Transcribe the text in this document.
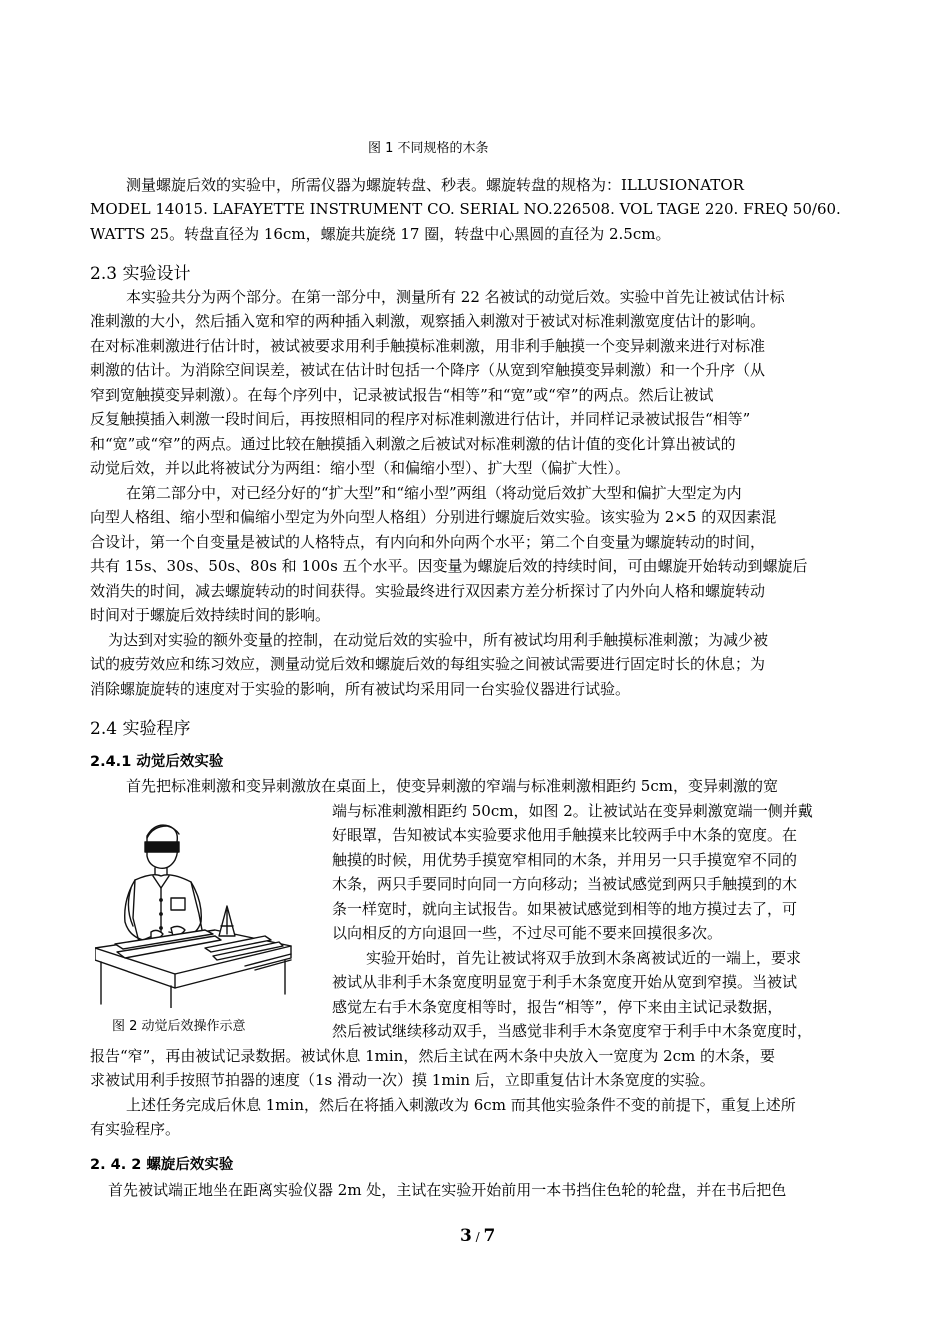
图 1 不同规格的木条
测量螺旋后效的实验中，所需仪器为螺旋转盘、秒表。螺旋转盘的规格为：ILLUSIONATOR
MODEL 14015. LAFAYETTE INSTRUMENT CO. SERIAL NO.226508. VOL TAGE 220. FREQ 50/60.
WATTS 25。转盘直径为 16cm，螺旋共旋绕 17 圈，转盘中心黑圆的直径为 2.5cm。
2.3 实验设计
本实验共分为两个部分。在第一部分中，测量所有 22 名被试的动觉后效。实验中首先让被试估计标
准刺激的大小，然后插入宽和窄的两种插入刺激，观察插入刺激对于被试对标准刺激宽度估计的影响。
在对标准刺激进行估计时，被试被要求用利手触摸标准刺激，用非利手触摸一个变异刺激来进行对标准
刺激的估计。为消除空间误差，被试在估计时包括一个降序（从宽到窄触摸变异刺激）和一个升序（从
窄到宽触摸变异刺激）。在每个序列中，记录被试报告“相等”和“宽”或“窄”的两点。然后让被试
反复触摸插入刺激一段时间后，再按照相同的程序对标准刺激进行估计，并同样记录被试报告“相等”
和“宽”或“窄”的两点。通过比较在触摸插入刺激之后被试对标准刺激的估计值的变化计算出被试的
动觉后效，并以此将被试分为两组：缩小型（和偏缩小型）、扩大型（偏扩大性）。
在第二部分中，对已经分好的“扩大型”和“缩小型”两组（将动觉后效扩大型和偏扩大型定为内
向型人格组、缩小型和偏缩小型定为外向型人格组）分别进行螺旋后效实验。该实验为 2×5 的双因素混
合设计，第一个自变量是被试的人格特点，有内向和外向两个水平；第二个自变量为螺旋转动的时间，
共有 15s、30s、50s、80s 和 100s 五个水平。因变量为螺旋后效的持续时间，可由螺旋开始转动到螺旋后
效消失的时间，减去螺旋转动的时间获得。实验最终进行双因素方差分析探讨了内外向人格和螺旋转动
时间对于螺旋后效持续时间的影响。
为达到对实验的额外变量的控制，在动觉后效的实验中，所有被试均用利手触摸标准刺激；为减少被
试的疲劳效应和练习效应，测量动觉后效和螺旋后效的每组实验之间被试需要进行固定时长的休息；为
消除螺旋旋转的速度对于实验的影响，所有被试均采用同一台实验仪器进行试验。
2.4 实验程序
2.4.1 动觉后效实验
首先把标准刺激和变异刺激放在桌面上，使变异刺激的窄端与标准刺激相距约 5cm，变异刺激的宽
端与标准刺激相距约 50cm，如图 2。让被试站在变异刺激宽端一侧并戴
好眼罩，告知被试本实验要求他用手触摸来比较两手中木条的宽度。在
触摸的时候，用优势手摸宽窄相同的木条，并用另一只手摸宽窄不同的
木条，两只手要同时向同一方向移动；当被试感觉到两只手触摸到的木
条一样宽时，就向主试报告。如果被试感觉到相等的地方摸过去了，可
以向相反的方向退回一些，不过尽可能不要来回摸很多次。
实验开始时，首先让被试将双手放到木条离被试近的一端上，要求
被试从非利手木条宽度明显宽于利手木条宽度开始从宽到窄摸。当被试
感觉左右手木条宽度相等时，报告“相等”，停下来由主试记录数据，
然后被试继续移动双手，当感觉非利手木条宽度窄于利手中木条宽度时，
图 2 动觉后效操作示意
报告“窄”，再由被试记录数据。被试休息 1min，然后主试在两木条中央放入一宽度为 2cm 的木条，要
求被试用利手按照节拍器的速度（1s 滑动一次）摸 1min 后，立即重复估计木条宽度的实验。
上述任务完成后休息 1min，然后在将插入刺激改为 6cm 而其他实验条件不变的前提下，重复上述所
有实验程序。
2. 4. 2 螺旋后效实验
首先被试端正地坐在距离实验仪器 2m 处，主试在实验开始前用一本书挡住色轮的轮盘，并在书后把色
3 / 7
